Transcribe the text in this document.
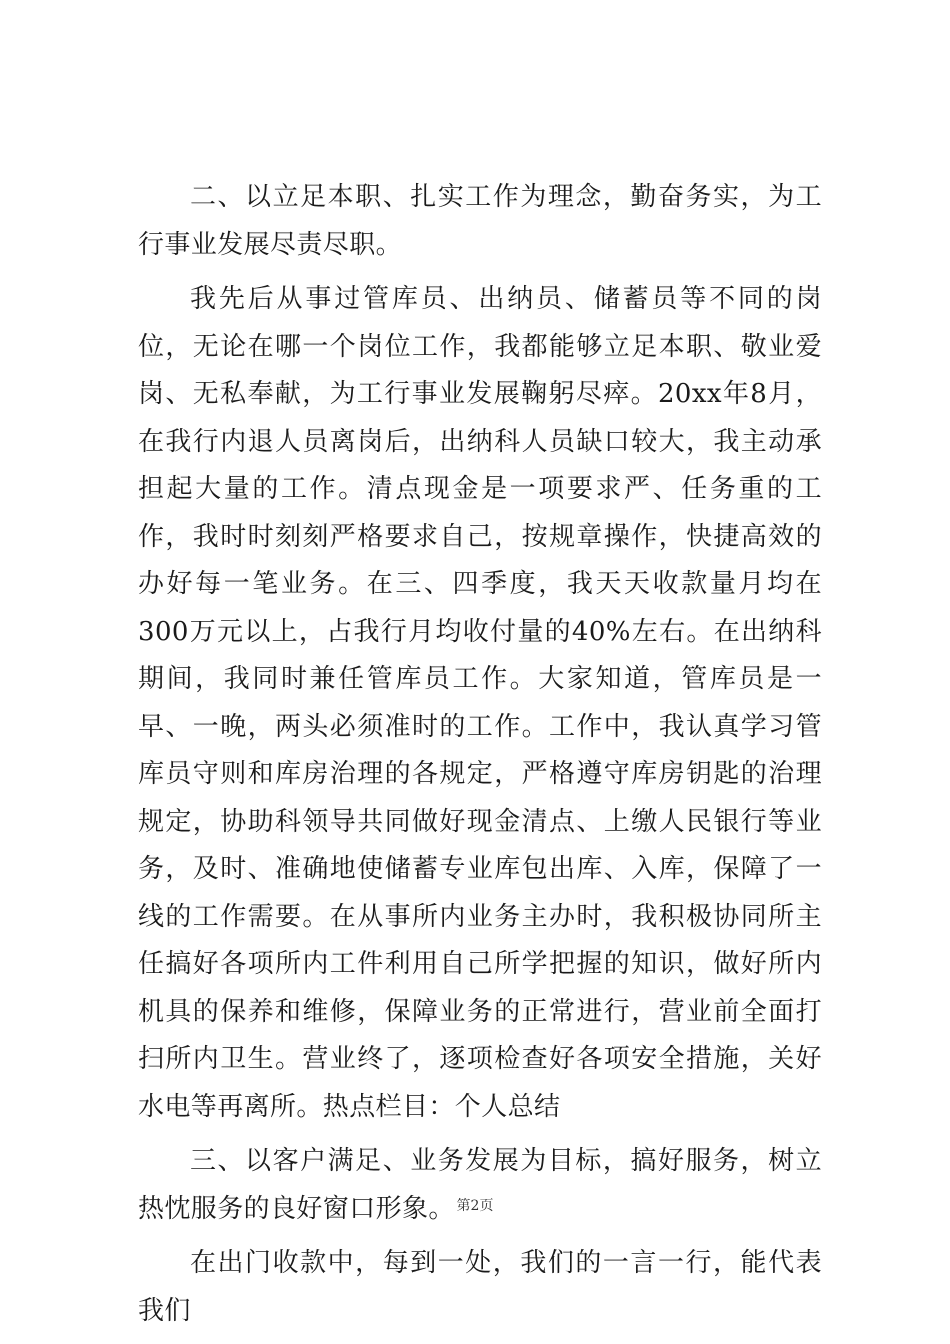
二、以立足本职、扎实工作为理念，勤奋务实，为工行事业发展尽责尽职。

我先后从事过管库员、出纳员、储蓄员等不同的岗位，无论在哪一个岗位工作，我都能够立足本职、敬业爱岗、无私奉献，为工行事业发展鞠躬尽瘁。20xx年8月，在我行内退人员离岗后，出纳科人员缺口较大，我主动承担起大量的工作。清点现金是一项要求严、任务重的工作，我时时刻刻严格要求自己，按规章操作，快捷高效的办好每一笔业务。在三、四季度，我天天收款量月均在300万元以上，占我行月均收付量的40%左右。在出纳科期间，我同时兼任管库员工作。大家知道，管库员是一早、一晚，两头必须准时的工作。工作中，我认真学习管库员守则和库房治理的各规定，严格遵守库房钥匙的治理规定，协助科领导共同做好现金清点、上缴人民银行等业务，及时、准确地使储蓄专业库包出库、入库，保障了一线的工作需要。在从事所内业务主办时，我积极协同所主任搞好各项所内工件利用自己所学把握的知识，做好所内机具的保养和维修，保障业务的正常进行，营业前全面打扫所内卫生。营业终了，逐项检查好各项安全措施，关好水电等再离所。热点栏目：个人总结

三、以客户满足、业务发展为目标，搞好服务，树立热忱服务的良好窗口形象。

在出门收款中，每到一处，我们的一言一行，能代表我们

第2页
